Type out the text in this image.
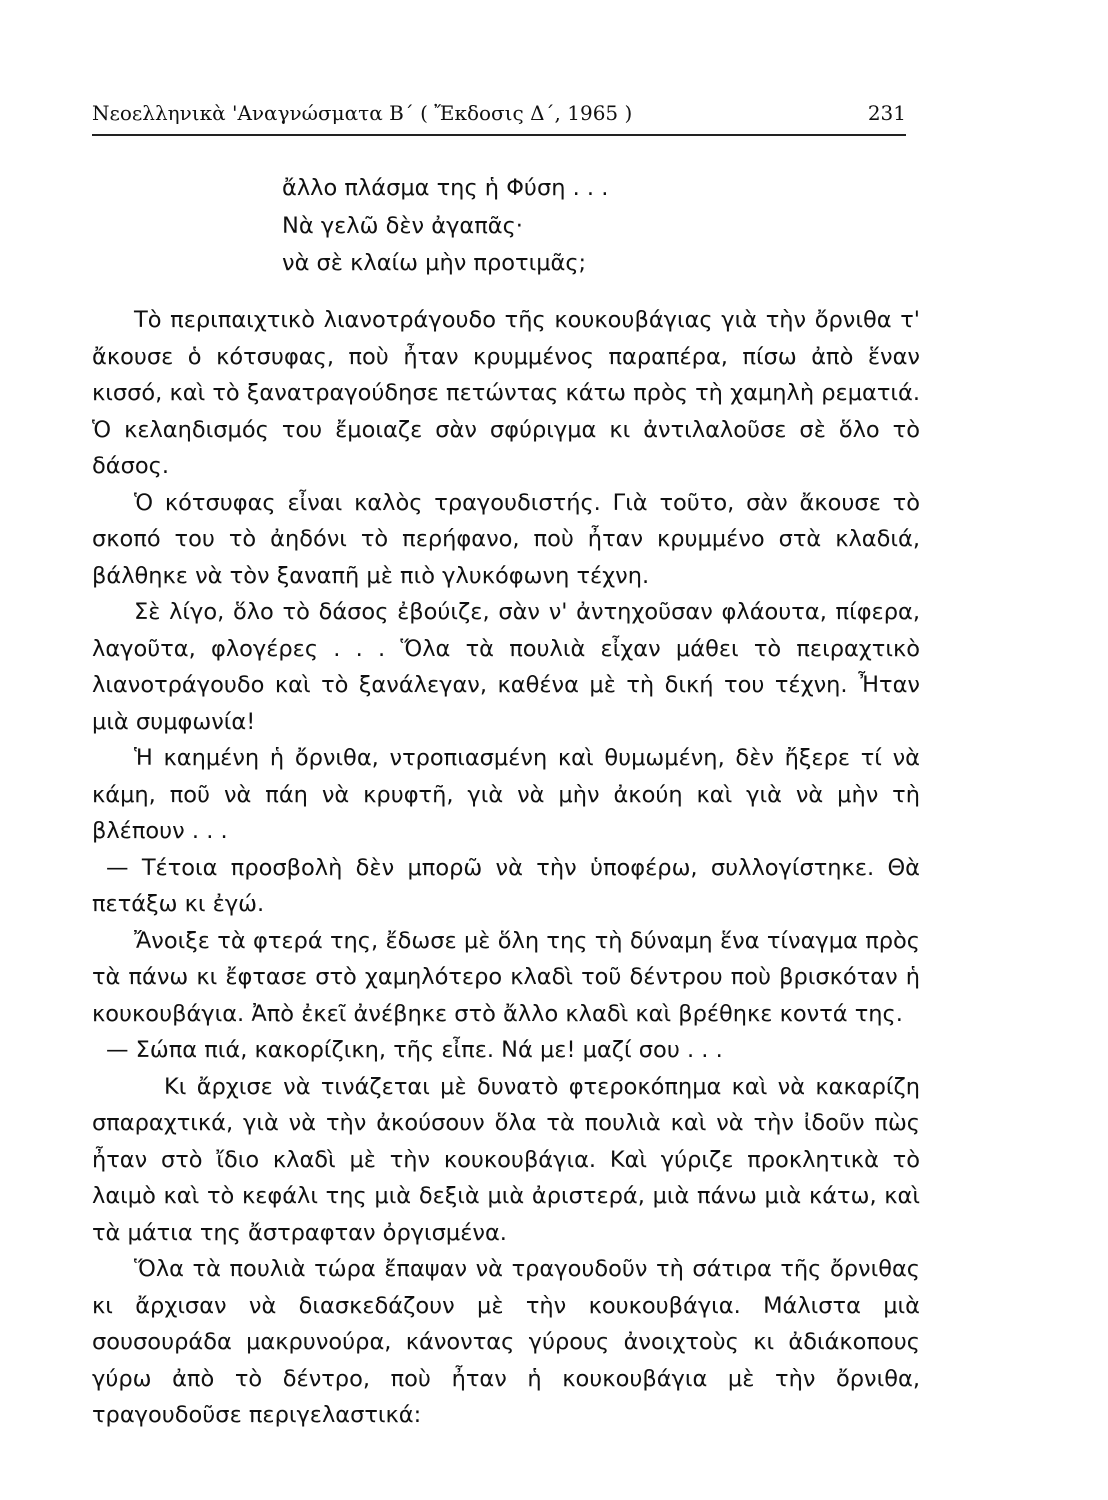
Νεοελληνικὰ 'Αναγνώσματα Β΄ ( Ἔκδοσις Δ΄, 1965 )	231
ἄλλο πλάσμα της ἡ Φύση . . .
Νὰ γελῶ δὲν ἀγαπᾶς·
νὰ σὲ κλαίω μὴν προτιμᾶς;

Τὸ περιπαιχτικὸ λιανοτράγουδο τῆς κουκουβάγιας γιὰ τὴν ὄρνιθα τ' ἄκουσε ὁ κότσυφας, ποὺ ἦταν κρυμμένος παραπέρα, πίσω ἀπὸ ἕναν κισσό, καὶ τὸ ξανατραγούδησε πετώντας κάτω πρὸς τὴ χαμηλὴ ρεματιά. Ὁ κελαηδισμός του ἔμοιαζε σὰν σφύριγμα κι ἀντιλαλοῦσε σὲ ὅλο τὸ δάσος.

Ὁ κότσυφας εἶναι καλὸς τραγουδιστής. Γιὰ τοῦτο, σὰν ἄκουσε τὸ σκοπό του τὸ ἀηδόνι τὸ περήφανο, ποὺ ἦταν κρυμμένο στὰ κλαδιά, βάλθηκε νὰ τὸν ξαναπῆ μὲ πιὸ γλυκόφωνη τέχνη.

Σὲ λίγο, ὅλο τὸ δάσος ἐβούιζε, σὰν ν' ἀντηχοῦσαν φλάουτα, πίφερα, λαγοῦτα, φλογέρες . . . Ὅλα τὰ πουλιὰ εἶχαν μάθει τὸ πειραχτικὸ λιανοτράγουδο καὶ τὸ ξανάλεγαν, καθένα μὲ τὴ δική του τέχνη. Ἦταν μιὰ συμφωνία!

Ἡ καημένη ἡ ὄρνιθα, ντροπιασμένη καὶ θυμωμένη, δὲν ἤξερε τί νὰ κάμη, ποῦ νὰ πάη νὰ κρυφτῆ, γιὰ νὰ μὴν ἀκούη καὶ γιὰ νὰ μὴν τὴ βλέπουν . . .

— Τέτοια προσβολὴ δὲν μπορῶ νὰ τὴν ὑποφέρω, συλλογίστηκε. Θὰ πετάξω κι ἐγώ.

Ἄνοιξε τὰ φτερά της, ἔδωσε μὲ ὅλη της τὴ δύναμη ἕνα τίναγμα πρὸς τὰ πάνω κι ἔφτασε στὸ χαμηλότερο κλαδὶ τοῦ δέντρου ποὺ βρισκόταν ἡ κουκουβάγια. Ἀπὸ ἐκεῖ ἀνέβηκε στὸ ἄλλο κλαδὶ καὶ βρέθηκε κοντά της.

— Σώπα πιά, κακορίζικη, τῆς εἶπε. Νά με! μαζί σου . . .

Κι ἄρχισε νὰ τινάζεται μὲ δυνατὸ φτεροκόπημα καὶ νὰ κακαρίζη σπαραχτικά, γιὰ νὰ τὴν ἀκούσουν ὅλα τὰ πουλιὰ καὶ νὰ τὴν ἰδοῦν πὼς ἦταν στὸ ἴδιο κλαδὶ μὲ τὴν κουκουβάγια. Καὶ γύριζε προκλητικὰ τὸ λαιμὸ καὶ τὸ κεφάλι της μιὰ δεξιὰ μιὰ ἀριστερά, μιὰ πάνω μιὰ κάτω, καὶ τὰ μάτια της ἄστραφταν ὀργισμένα.

Ὅλα τὰ πουλιὰ τώρα ἔπαψαν νὰ τραγουδοῦν τὴ σάτιρα τῆς ὄρνιθας κι ἄρχισαν νὰ διασκεδάζουν μὲ τὴν κουκουβάγια. Μάλιστα μιὰ σουσουράδα μακρυνούρα, κάνοντας γύρους ἀνοιχτοὺς κι ἀδιάκοπους γύρω ἀπὸ τὸ δέντρο, ποὺ ἦταν ἡ κουκουβάγια μὲ τὴν ὄρνιθα, τραγουδοῦσε περιγελαστικά:
